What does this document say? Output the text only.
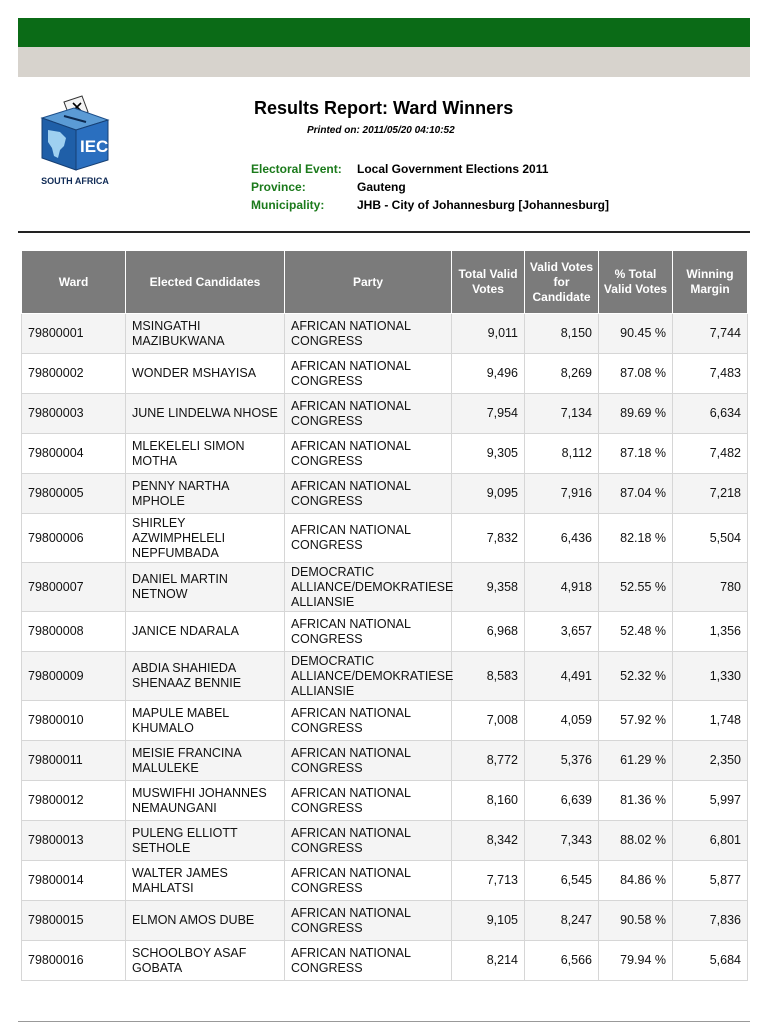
IEC
SOUTH AFRICA
Results Report: Ward Winners
Printed on: 2011/05/20 04:10:52
Electoral Event:	Local Government Elections 2011
Province:	Gauteng
Municipality:	JHB - City of Johannesburg [Johannesburg]
Ward	Elected Candidates	Party	Total Valid Votes	Valid Votes for Candidate	% Total Valid Votes	Winning Margin
79800001	MSINGATHI MAZIBUKWANA	AFRICAN NATIONAL CONGRESS	9,011	8,150	90.45 %	7,744
79800002	WONDER MSHAYISA	AFRICAN NATIONAL CONGRESS	9,496	8,269	87.08 %	7,483
79800003	JUNE LINDELWA NHOSE	AFRICAN NATIONAL CONGRESS	7,954	7,134	89.69 %	6,634
79800004	MLEKELELI SIMON MOTHA	AFRICAN NATIONAL CONGRESS	9,305	8,112	87.18 %	7,482
79800005	PENNY NARTHA MPHOLE	AFRICAN NATIONAL CONGRESS	9,095	7,916	87.04 %	7,218
79800006	SHIRLEY AZWIMPHELELI NEPFUMBADA	AFRICAN NATIONAL CONGRESS	7,832	6,436	82.18 %	5,504
79800007	DANIEL MARTIN NETNOW	DEMOCRATIC ALLIANCE/DEMOKRATIESE ALLIANSIE	9,358	4,918	52.55 %	780
79800008	JANICE NDARALA	AFRICAN NATIONAL CONGRESS	6,968	3,657	52.48 %	1,356
79800009	ABDIA SHAHIEDA SHENAAZ BENNIE	DEMOCRATIC ALLIANCE/DEMOKRATIESE ALLIANSIE	8,583	4,491	52.32 %	1,330
79800010	MAPULE MABEL KHUMALO	AFRICAN NATIONAL CONGRESS	7,008	4,059	57.92 %	1,748
79800011	MEISIE FRANCINA MALULEKE	AFRICAN NATIONAL CONGRESS	8,772	5,376	61.29 %	2,350
79800012	MUSWIFHI JOHANNES NEMAUNGANI	AFRICAN NATIONAL CONGRESS	8,160	6,639	81.36 %	5,997
79800013	PULENG ELLIOTT SETHOLE	AFRICAN NATIONAL CONGRESS	8,342	7,343	88.02 %	6,801
79800014	WALTER JAMES MAHLATSI	AFRICAN NATIONAL CONGRESS	7,713	6,545	84.86 %	5,877
79800015	ELMON AMOS DUBE	AFRICAN NATIONAL CONGRESS	9,105	8,247	90.58 %	7,836
79800016	SCHOOLBOY ASAF GOBATA	AFRICAN NATIONAL CONGRESS	8,214	6,566	79.94 %	5,684
